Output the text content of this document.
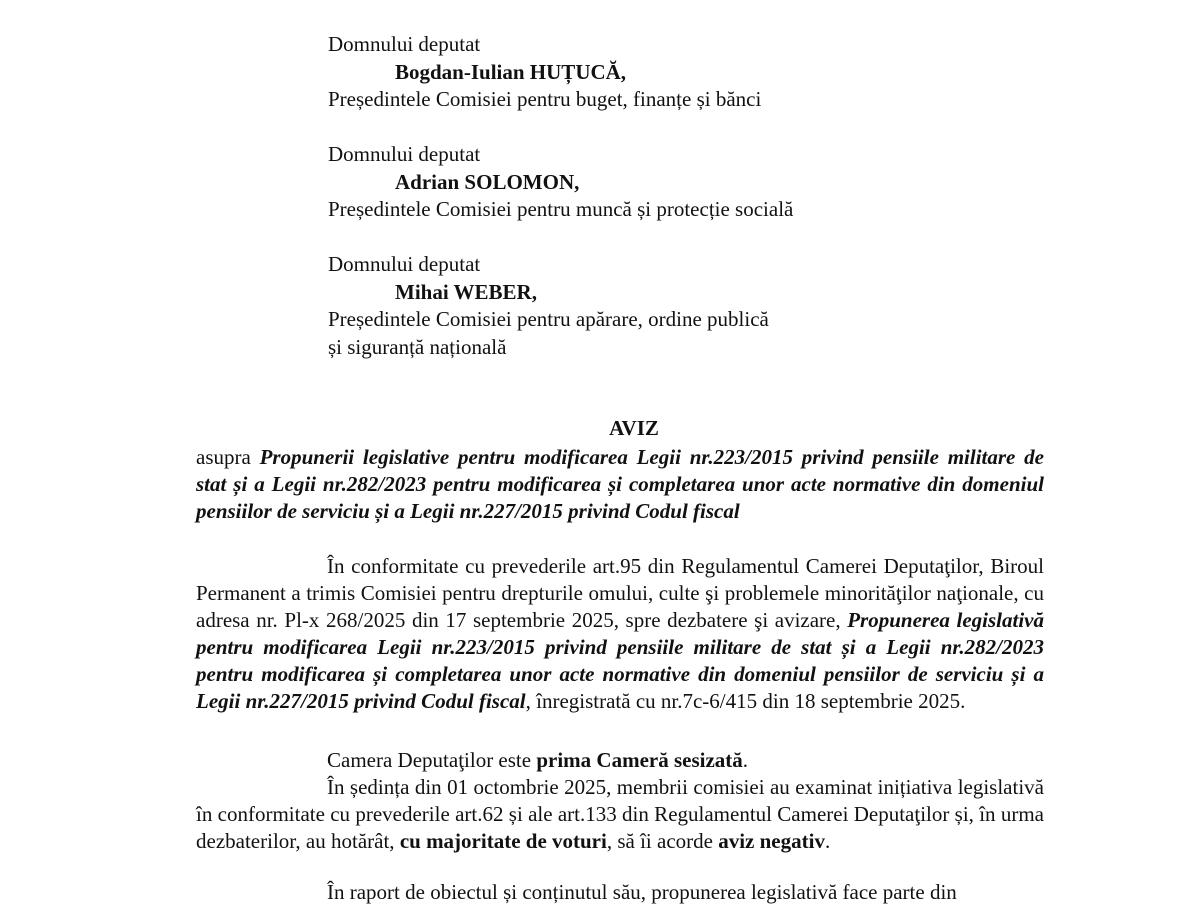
Domnului deputat
Bogdan-Iulian HUȚUCĂ,
Președintele Comisiei pentru buget, finanțe și bănci
Domnului deputat
Adrian SOLOMON,
Președintele Comisiei pentru muncă și protecție socială
Domnului deputat
Mihai WEBER,
Președintele Comisiei pentru apărare, ordine publică
și siguranță națională
AVIZ
asupra Propunerii legislative pentru modificarea Legii nr.223/2015 privind pensiile militare de stat și a Legii nr.282/2023 pentru modificarea și completarea unor acte normative din domeniul pensiilor de serviciu și a Legii nr.227/2015 privind Codul fiscal
În conformitate cu prevederile art.95 din Regulamentul Camerei Deputaţilor, Biroul Permanent a trimis Comisiei pentru drepturile omului, culte şi problemele minorităţilor naţionale, cu adresa nr. Pl-x 268/2025 din 17 septembrie 2025, spre dezbatere şi avizare, Propunerea legislativă pentru modificarea Legii nr.223/2015 privind pensiile militare de stat și a Legii nr.282/2023 pentru modificarea și completarea unor acte normative din domeniul pensiilor de serviciu și a Legii nr.227/2015 privind Codul fiscal, înregistrată cu nr.7c-6/415 din 18 septembrie 2025.
Camera Deputaţilor este prima Cameră sesizată.
În ședința din 01 octombrie 2025, membrii comisiei au examinat inițiativa legislativă în conformitate cu prevederile art.62 și ale art.133 din Regulamentul Camerei Deputaţilor și, în urma dezbaterilor, au hotărât, cu majoritate de voturi, să îi acorde aviz negativ.
În raport de obiectul și conținutul său, propunerea legislativă face parte din
